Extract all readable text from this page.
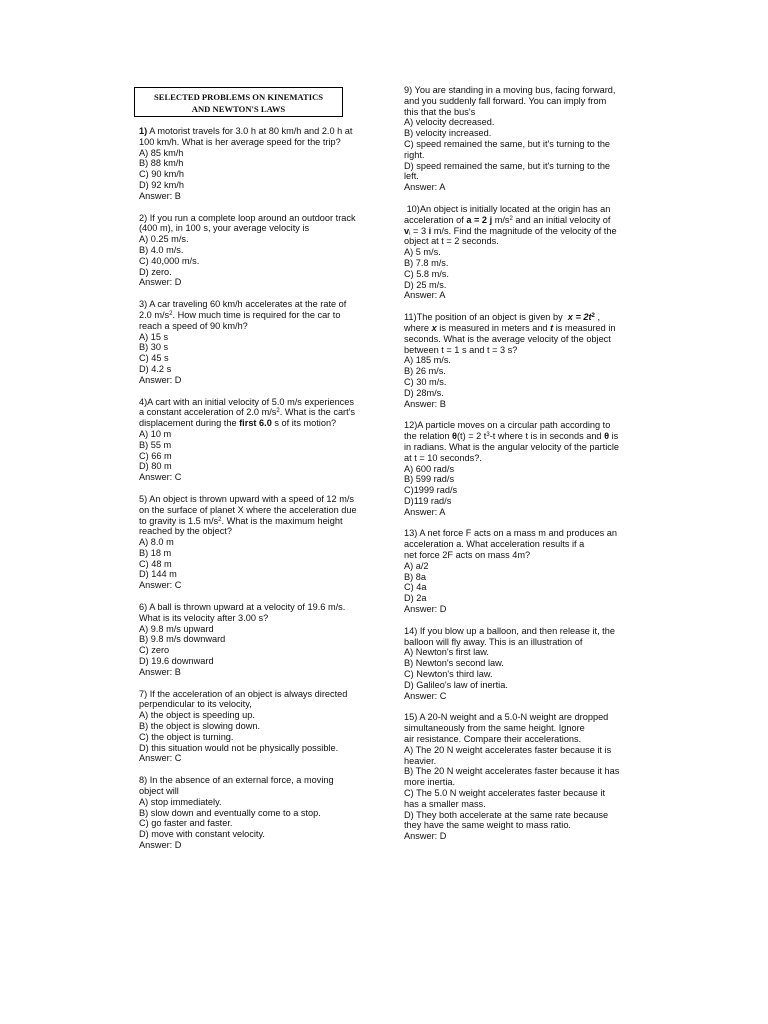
SELECTED PROBLEMS ON KINEMATICS
AND NEWTON'S LAWS

1) A motorist travels for 3.0 h at 80 km/h and 2.0 h at

100 km/h. What is her average speed for the trip?

A) 85 km/h

B) 88 km/h

C) 90 km/h

D) 92 km/h

Answer: B

2) If you run a complete loop around an outdoor track

(400 m), in 100 s, your average velocity is

A) 0.25 m/s.

B) 4.0 m/s.

C) 40,000 m/s.

D) zero.

Answer: D

3) A car traveling 60 km/h accelerates at the rate of

2.0 $m/s^2$. How much time is required for the car to

reach a speed of 90 km/h?

A) 15 s

B) 30 s

C) 45 s

D) 4.2 s

Answer: D

4)A cart with an initial velocity of 5.0 m/s experiences

a constant acceleration of 2.0 $m/s^2$. What is the cart's

displacement during the first 6.0 s of its motion?

A) 10 m

B) 55 m

C) 66 m

D) 80 m

Answer: C

5) An object is thrown upward with a speed of 12 m/s

on the surface of planet X where the acceleration due

to gravity is 1.5 $m/s^2$. What is the maximum height

reached by the object?

A) 8.0 m

B) 18 m

C) 48 m

D) 144 m

Answer: C

6) A ball is thrown upward at a velocity of 19.6 m/s.

What is its velocity after 3.00 s?

A) 9.8 m/s upward

B) 9.8 m/s downward

C) zero

D) 19.6 downward

Answer: B

7) If the acceleration of an object is always directed

perpendicular to its velocity,

A) the object is speeding up.

B) the object is slowing down.

C) the object is turning.

D) this situation would not be physically possible.

Answer: C

8) In the absence of an external force, a moving

object will

A) stop immediately.

B) slow down and eventually come to a stop.

C) go faster and faster.

D) move with constant velocity.

Answer: D

9) You are standing in a moving bus, facing forward,

and you suddenly fall forward. You can imply from

this that the bus's

A) velocity decreased.

B) velocity increased.

C) speed remained the same, but it's turning to the

right.

D) speed remained the same, but it's turning to the

left.

Answer: A

10)An object is initially located at the origin has an

acceleration of a = 2 j $m/s^2$ and an initial velocity of

$v_i = 3$ i m/s. Find the magnitude of the velocity of the

object at t = 2 seconds.

A) 5 m/s.

B) 7.8 m/s.

C) 5.8 m/s.

D) 25 m/s.

Answer: A

11)The position of an object is given by $x = 2t^2$ ,

where x is measured in meters and t is measured in

seconds. What is the average velocity of the object

between t = 1 s and t = 3 s?

A) 185 m/s.

B) 26 m/s.

C) 30 m/s.

D) 28m/s.

Answer: B

12)A particle moves on a circular path according to

the relation θ(t) = 2 $t^3-t$ where t is in seconds and θ is

in radians. What is the angular velocity of the particle

at t = 10 seconds?.

A) 600 rad/s

B) 599 rad/s

C)1999 rad/s

D)119 rad/s

Answer: A

13) A net force F acts on a mass m and produces an

acceleration a. What acceleration results if a

net force 2F acts on mass 4m?

A) a/2

B) 8a

C) 4a

D) 2a

Answer: D

14) If you blow up a balloon, and then release it, the

balloon will fly away. This is an illustration of

A) Newton's first law.

B) Newton's second law.

C) Newton's third law.

D) Galileo's law of inertia.

Answer: C

15) A 20-N weight and a 5.0-N weight are dropped

simultaneously from the same height. Ignore

air resistance. Compare their accelerations.

A) The 20 N weight accelerates faster because it is

heavier.

B) The 20 N weight accelerates faster because it has

more inertia.

C) The 5.0 N weight accelerates faster because it

has a smaller mass.

D) They both accelerate at the same rate because

they have the same weight to mass ratio.

Answer: D
